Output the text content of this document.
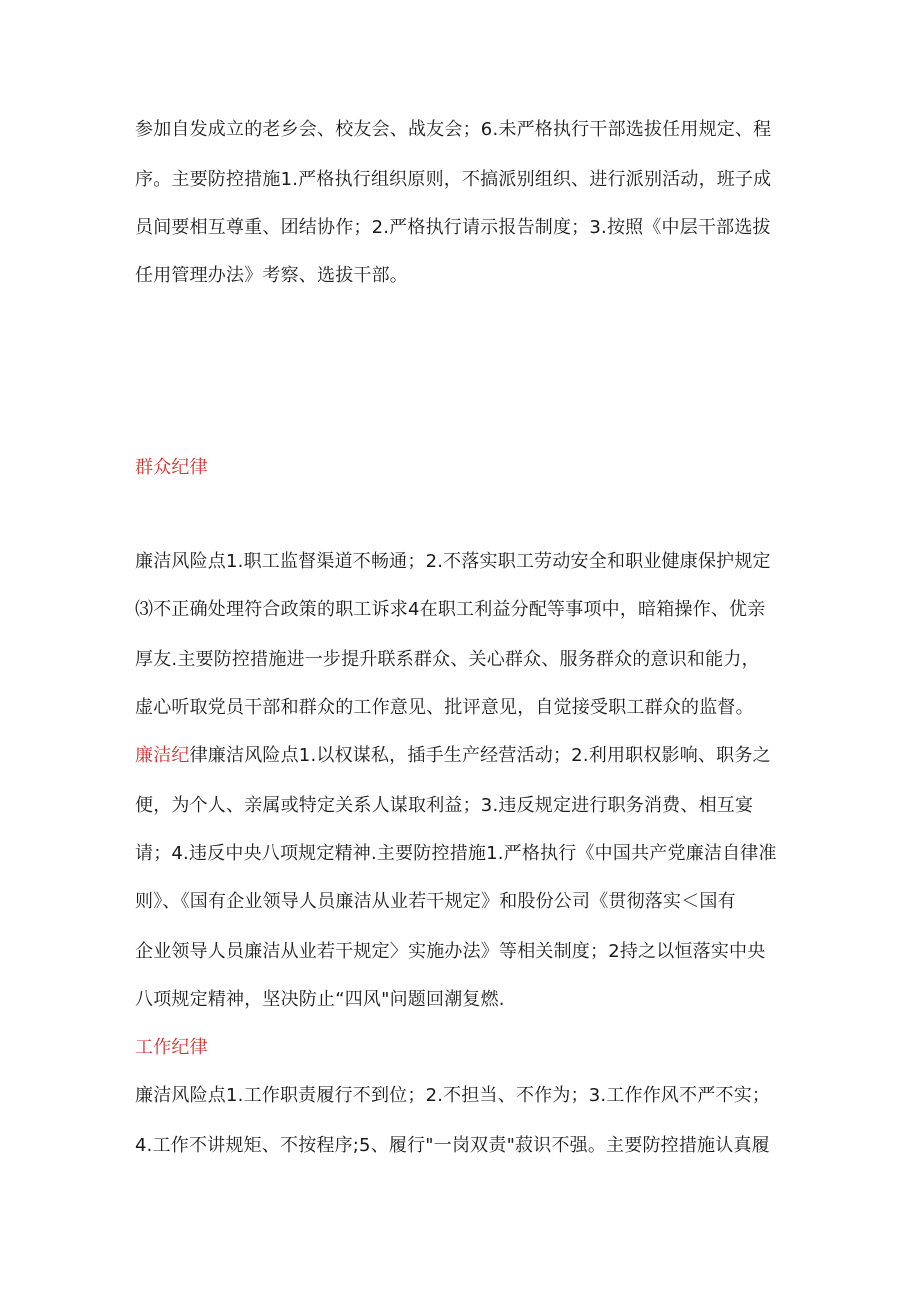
参加自发成立的老乡会、校友会、战友会；6.未严格执行干部选拔任用规定、程
序。主要防控措施1.严格执行组织原则，不搞派别组织、进行派别活动，班子成
员间要相互尊重、团结协作；2.严格执行请示报告制度；3.按照《中层干部选拔
任用管理办法》考察、选拔干部。
群众纪律
廉洁风险点1.职工监督渠道不畅通；2.不落实职工劳动安全和职业健康保护规定
⑶不正确处理符合政策的职工诉求4在职工利益分配等事项中，暗箱操作、优亲
厚友.主要防控措施进一步提升联系群众、关心群众、服务群众的意识和能力，
虚心听取党员干部和群众的工作意见、批评意见，自觉接受职工群众的监督。
廉洁纪律廉洁风险点1.以权谋私，插手生产经营活动；2.利用职权影响、职务之
便，为个人、亲属或特定关系人谋取利益；3.违反规定进行职务消费、相互宴
请；4.违反中央八项规定精神.主要防控措施1.严格执行《中国共产党廉洁自律准
则》、《国有企业领导人员廉洁从业若干规定》和股份公司《贯彻落实＜国有
企业领导人员廉洁从业若干规定〉实施办法》等相关制度；2持之以恒落实中央
八项规定精神，坚决防止“四风"问题回潮复燃.
工作纪律
廉洁风险点1.工作职责履行不到位；2.不担当、不作为；3.工作作风不严不实；
4.工作不讲规矩、不按程序;5、履行"一岗双责"菽识不强。主要防控措施认真履
